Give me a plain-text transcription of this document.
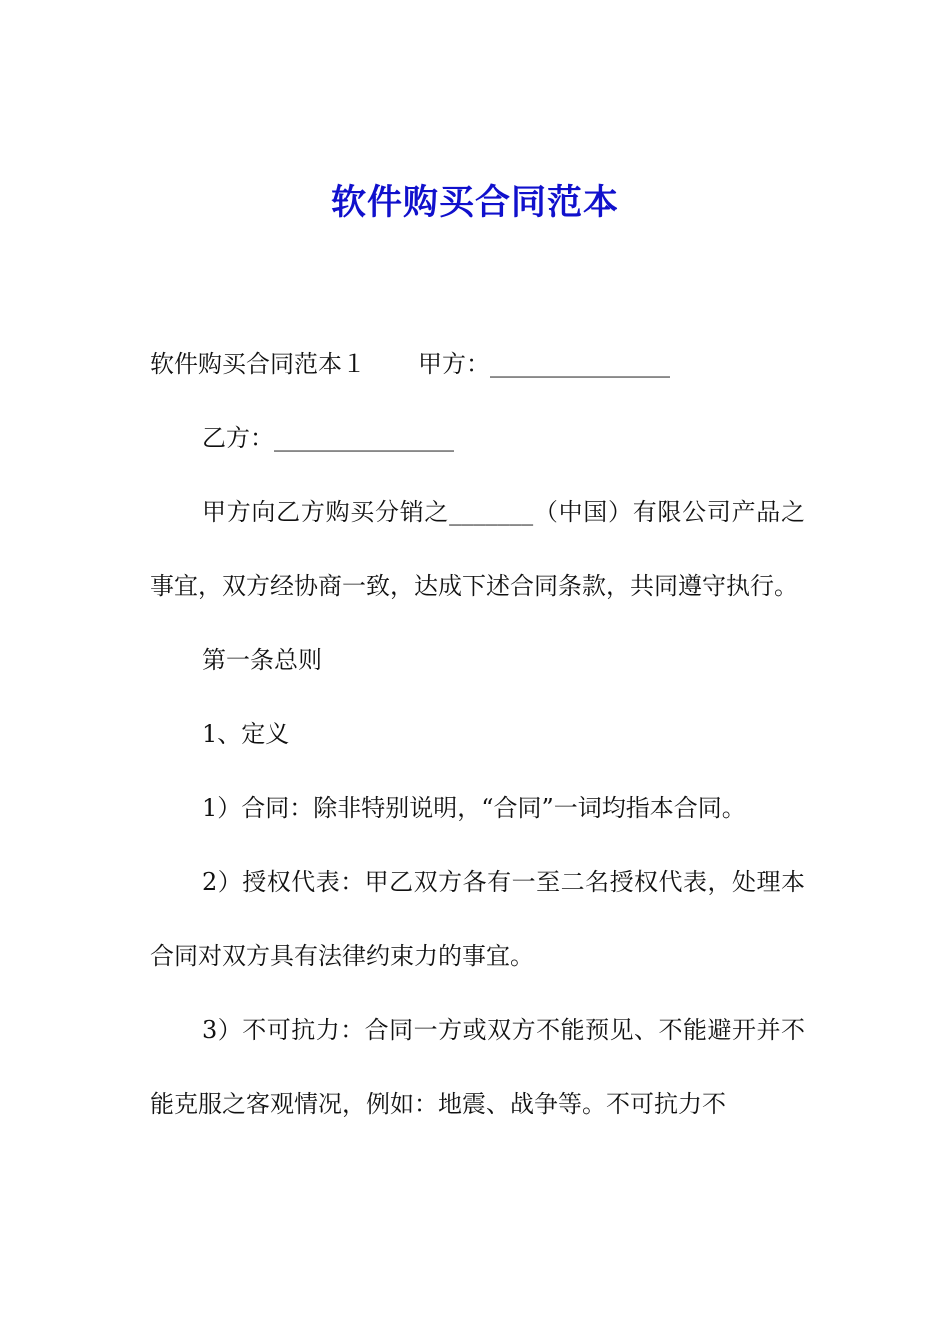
软件购买合同范本

软件购买合同范本１ 甲方：_______________

乙方：_______________

甲方向乙方购买分销之_______（中国）有限公司产品之事宜，双方经协商一致，达成下述合同条款，共同遵守执行。

第一条总则

1、定义

1）合同：除非特别说明，“合同”一词均指本合同。

2）授权代表：甲乙双方各有一至二名授权代表，处理本合同对双方具有法律约束力的事宜。

3）不可抗力：合同一方或双方不能预见、不能避开并不能克服之客观情况，例如：地震、战争等。不可抗力不
